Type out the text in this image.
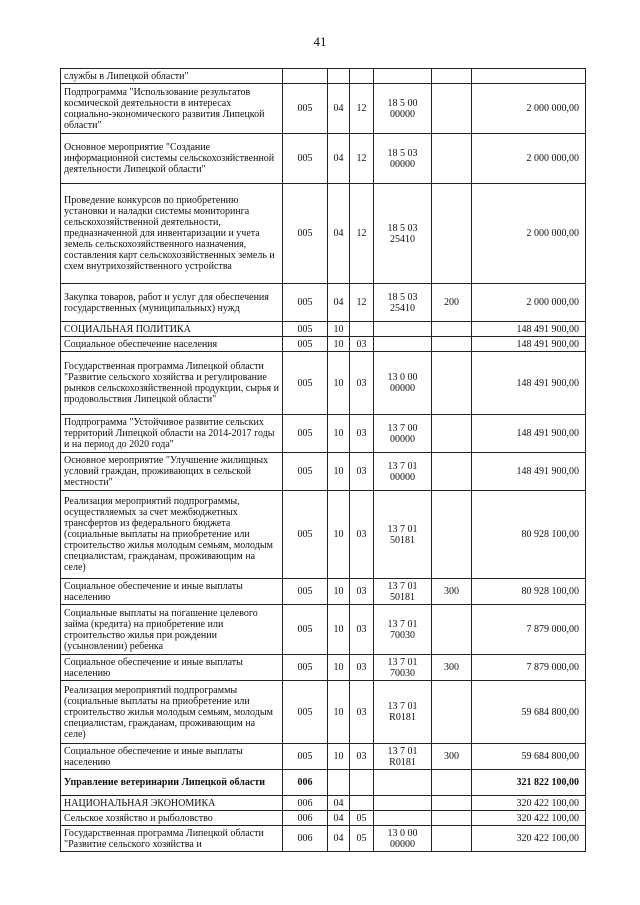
41
службы в Липецкой области"						
Подпрограмма "Использование результатов космической деятельности в интересах социально-экономического развития Липецкой области"	005	04	12	18 5 00 00000		2 000 000,00
Основное мероприятие "Создание информационной системы сельскохозяйственной деятельности Липецкой области"	005	04	12	18 5 03 00000		2 000 000,00
Проведение конкурсов по приобретению установки и наладки системы мониторинга сельскохозяйственной деятельности, предназначенной для инвентаризации и учета земель сельскохозяйственного назначения, составления карт сельскохозяйственных земель и схем внутрихозяйственного устройства	005	04	12	18 5 03 25410		2 000 000,00
Закупка товаров, работ и услуг для обеспечения государственных (муниципальных) нужд	005	04	12	18 5 03 25410	200	2 000 000,00
СОЦИАЛЬНАЯ ПОЛИТИКА	005	10				148 491 900,00
Социальное обеспечение населения	005	10	03			148 491 900,00
Государственная программа Липецкой области "Развитие сельского хозяйства и регулирование рынков сельскохозяйственной продукции, сырья и продовольствия Липецкой области"	005	10	03	13 0 00 00000		148 491 900,00
Подпрограмма "Устойчивое развитие сельских территорий Липецкой области на 2014-2017 годы и на период до 2020 года"	005	10	03	13 7 00 00000		148 491 900,00
Основное мероприятие "Улучшение жилищных условий граждан, проживающих в сельской местности"	005	10	03	13 7 01 00000		148 491 900,00
Реализация мероприятий подпрограммы, осуществляемых за счет межбюджетных трансфертов из федерального бюджета (социальные выплаты на приобретение или строительство жилья молодым семьям, молодым специалистам, гражданам, проживающим на селе)	005	10	03	13 7 01 50181		80 928 100,00
Социальное обеспечение и иные выплаты населению	005	10	03	13 7 01 50181	300	80 928 100,00
Социальные выплаты на погашение целевого займа (кредита) на приобретение или строительство жилья при рождении (усыновлении) ребенка	005	10	03	13 7 01 70030		7 879 000,00
Социальное обеспечение и иные выплаты населению	005	10	03	13 7 01 70030	300	7 879 000,00
Реализация мероприятий подпрограммы (социальные выплаты на приобретение или строительство жилья молодым семьям, молодым специалистам, гражданам, проживающим на селе)	005	10	03	13 7 01 R0181		59 684 800,00
Социальное обеспечение и иные выплаты населению	005	10	03	13 7 01 R0181	300	59 684 800,00
Управление ветеринарии Липецкой области	006					321 822 100,00
НАЦИОНАЛЬНАЯ ЭКОНОМИКА	006	04				320 422 100,00
Сельское хозяйство и рыболовство	006	04	05			320 422 100,00
Государственная программа Липецкой области "Развитие сельского хозяйства и	006	04	05	13 0 00 00000		320 422 100,00
